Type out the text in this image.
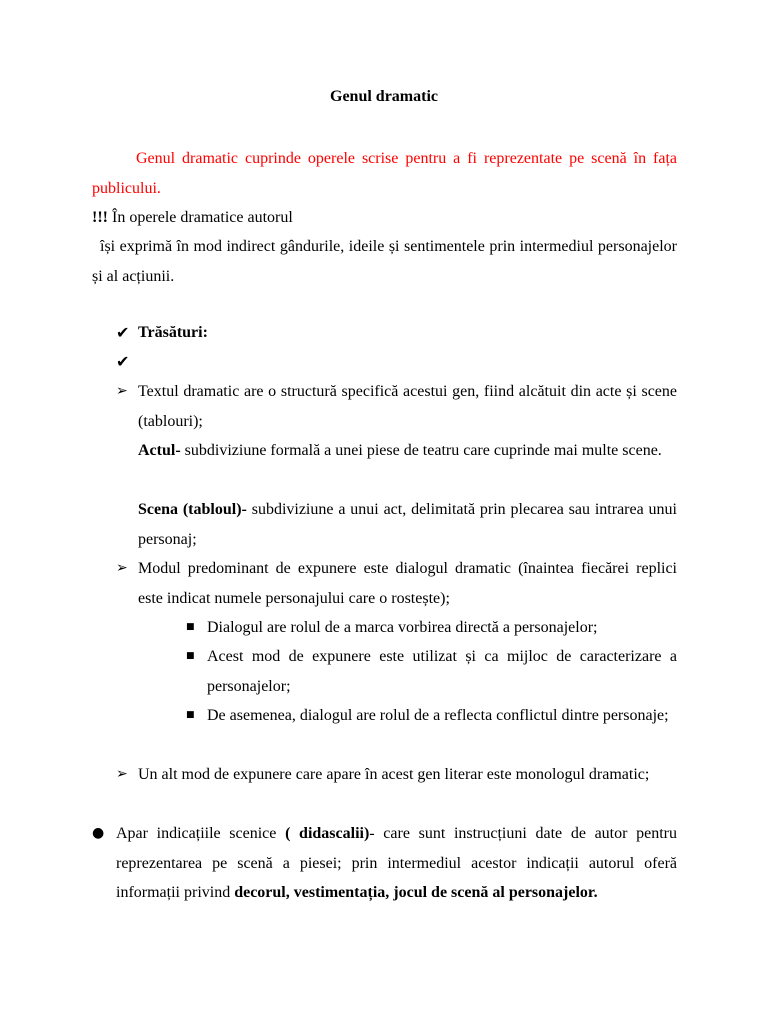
Genul dramatic

Genul dramatic cuprinde operele scrise pentru a fi reprezentate pe scenă în fața publicului.

!!! În operele dramatice autorul

își exprimă în mod indirect gândurile, ideile și sentimentele prin intermediul personajelor și al acțiunii.

✔ Trăsături:
✔
➢ Textul dramatic are o structură specifică acestui gen, fiind alcătuit din acte și scene (tablouri);

Actul- subdiviziune formală a unei piese de teatru care cuprinde mai multe scene.

Scena (tabloul)- subdiviziune a unui act, delimitată prin plecarea sau intrarea unui personaj;

➢ Modul predominant de expunere este dialogul dramatic (înaintea fiecărei replici este indicat numele personajului care o rostește);

■ Dialogul are rolul de a marca vorbirea directă a personajelor;

■ Acest mod de expunere este utilizat și ca mijloc de caracterizare a personajelor;

■ De asemenea, dialogul are rolul de a reflecta conflictul dintre personaje;

➢ Un alt mod de expunere care apare în acest gen literar este monologul dramatic;

● Apar indicațiile scenice ( didascalii)- care sunt instrucțiuni date de autor pentru reprezentarea pe scenă a piesei; prin intermediul acestor indicații autorul oferă informații privind decorul, vestimentația, jocul de scenă al personajelor.
